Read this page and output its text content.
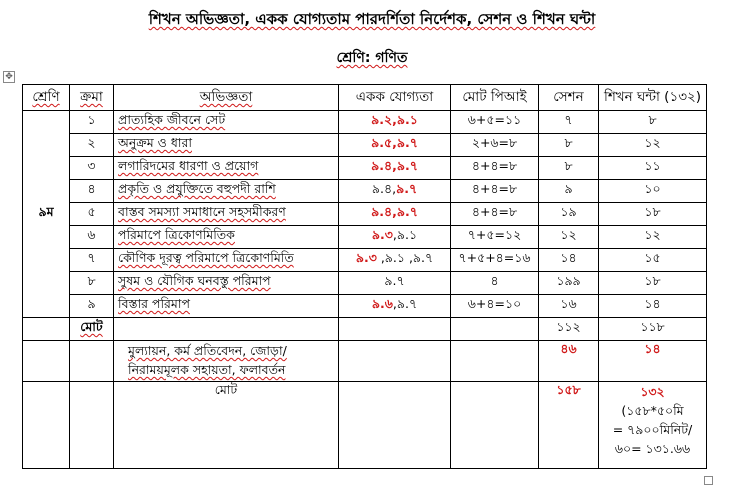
শিখন অভিজ্ঞতা, একক যোগ্যতাম পারদর্শিতা নির্দেশক, সেশন ও শিখন ঘন্টা
শ্রেণি: গণিত
✥
শ্রেণি	ক্রমা	অভিজ্ঞতা	একক যোগ্যতা	মোট পিআই	সেশন	শিখন ঘন্টা (১৩২)
৯ম	১	প্রাত্যহিক জীবনে সেট	৯.২,৯.১	৬+৫=১১	৭	৮
	২	অনুক্রম ও ধারা	৯.৫,৯.৭	২+৬=৮	৮	১২
	৩	লগারিদমের ধারণা ও প্রয়োগ	৯.৪,৯.৭	৪+৪=৮	৮	১১
	৪	প্রকৃতি ও প্রযুক্তিতে বহুপদী রাশি	৯.৪,৯.৭	৪+৪=৮	৯	১০
	৫	বাস্তব সমস্যা সমাধানে সহসমীকরণ	৯.৪,৯.৭	৪+৪=৮	১৯	১৮
	৬	পরিমাপে ত্রিকোণমিতিক	৯.৩,৯.১	৭+৫=১২	১২	১২
	৭	কৌণিক দূরত্ব পরিমাপে ত্রিকোণমিতি	৯.৩ ,৯.১ ,৯.৭	৭+৫+৪=১৬	১৪	১৫
	৮	সুষম ও যৌগিক ঘনবস্তু পরিমাপ	৯.৭	৪	১৯৯	১৮
	৯	বিস্তার পরিমাপ	৯.৬,৯.৭	৬+৪=১০	১৬	১৪
	মোট				১১২	১১৮
		মুল্যায়ন, কর্ম প্রতিবেদন, জোড়া/
নিরাময়মূলক সহায়তা, ফলাবর্তন			৪৬	১৪
		মোট			১৫৮	১৩২
(১৫৮*৫০মি
= ৭৯০০মিনিট/
৬০= ১৩১.৬৬
